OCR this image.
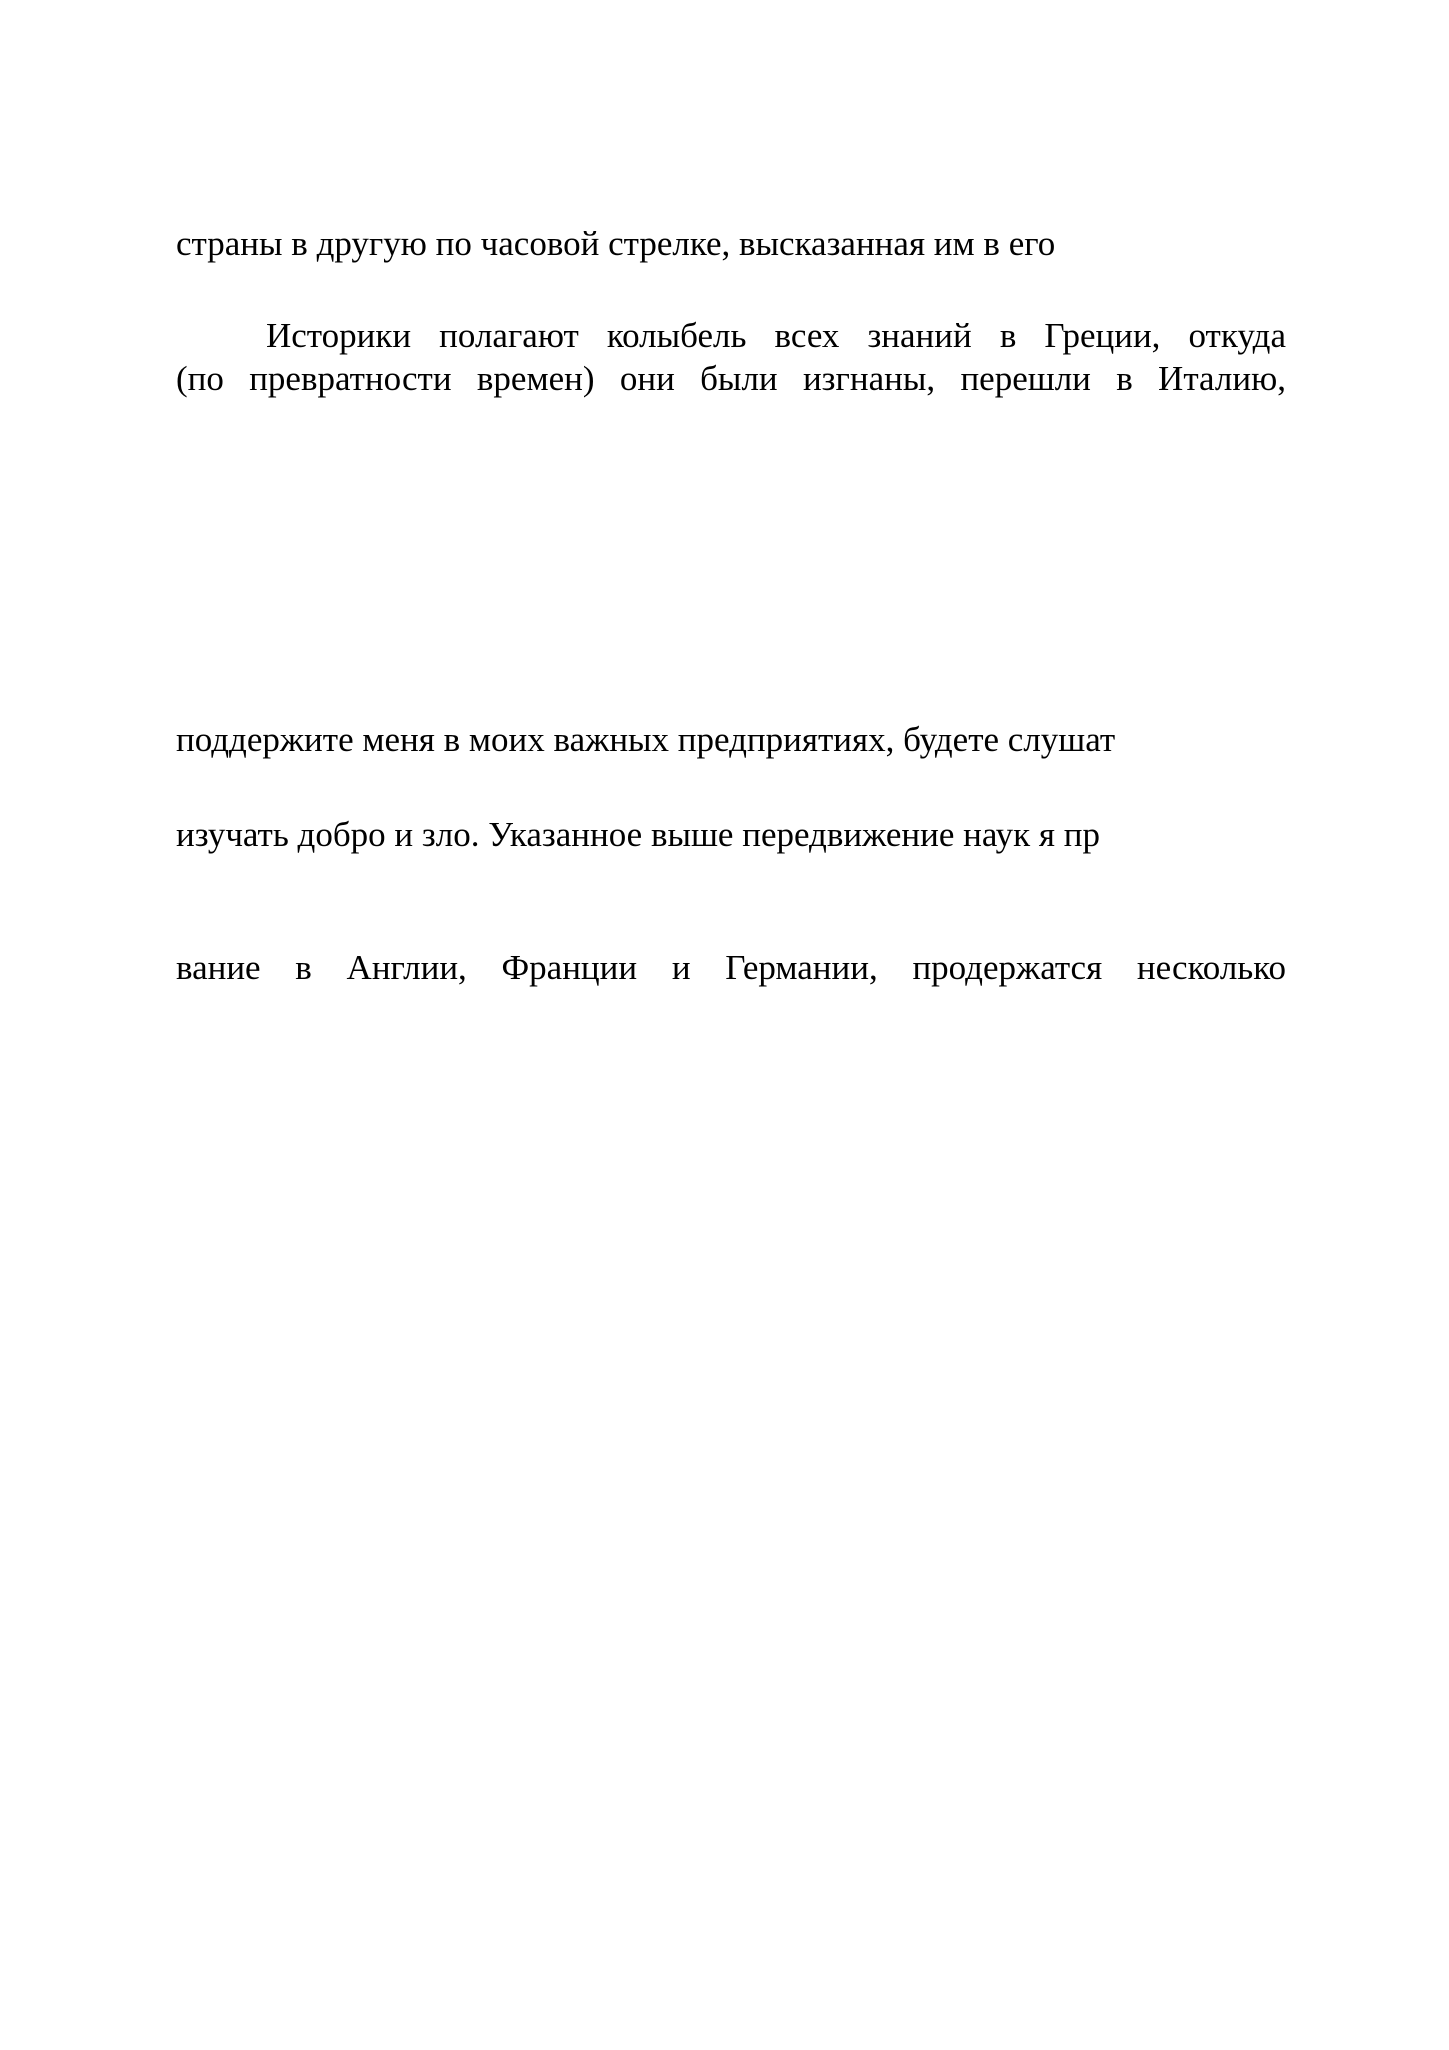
страны в другую по часовой стрелке, высказанная им в его

Историки полагают колыбель всех знаний в Греции, откуда

(по превратности времен) они были изгнаны, перешли в Италию,

поддержите меня в моих важных предприятиях, будете слушат

изучать добро и зло. Указанное выше передвижение наук я пр

вание в Англии, Франции и Германии, продержатся несколько
